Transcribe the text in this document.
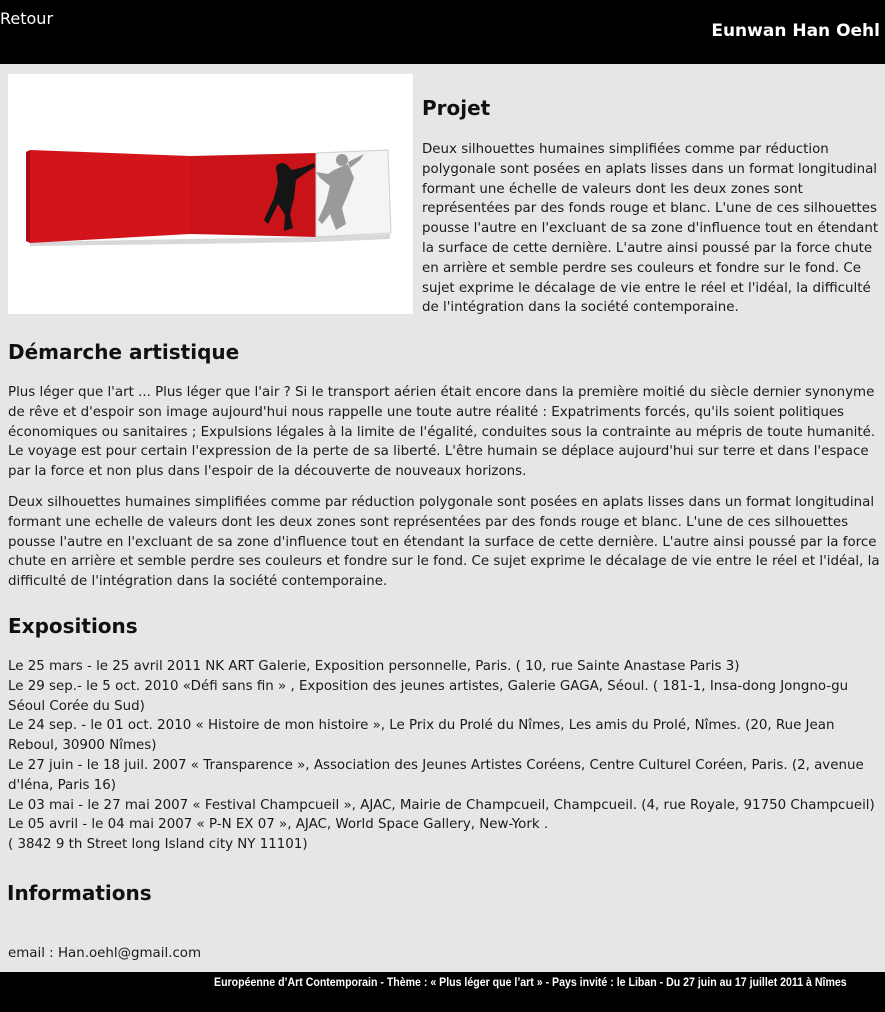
Retour
Eunwan Han Oehl
Projet

Deux silhouettes humaines simplifiées comme par réduction polygonale sont posées en aplats lisses dans un format longitudinal formant une échelle de valeurs dont les deux zones sont représentées par des fonds rouge et blanc. L'une de ces silhouettes pousse l'autre en l'excluant de sa zone d'influence tout en étendant la surface de cette dernière. L'autre ainsi poussé par la force chute en arrière et semble perdre ses couleurs et fondre sur le fond. Ce sujet exprime le décalage de vie entre le réel et l'idéal, la difficulté de l'intégration dans la société contemporaine.

Démarche artistique

Plus léger que l'art ... Plus léger que l'air ? Si le transport aérien était encore dans la première moitié du siècle dernier synonyme de rêve et d'espoir son image aujourd'hui nous rappelle une toute autre réalité : Expatriments forcés, qu'ils soient politiques économiques ou sanitaires ; Expulsions légales à la limite de l'égalité, conduites sous la contrainte au mépris de toute humanité. Le voyage est pour certain l'expression de la perte de sa liberté. L'être humain se déplace aujourd'hui sur terre et dans l'espace par la force et non plus dans l'espoir de la découverte de nouveaux horizons.

Deux silhouettes humaines simplifiées comme par réduction polygonale sont posées en aplats lisses dans un format longitudinal formant une echelle de valeurs dont les deux zones sont représentées par des fonds rouge et blanc. L'une de ces silhouettes pousse l'autre en l'excluant de sa zone d'influence tout en étendant la surface de cette dernière. L'autre ainsi poussé par la force chute en arrière et semble perdre ses couleurs et fondre sur le fond. Ce sujet exprime le décalage de vie entre le réel et l'idéal, la difficulté de l'intégration dans la société contemporaine.

Expositions
Le 25 mars - le 25 avril 2011 NK ART Galerie, Exposition personnelle, Paris. ( 10, rue Sainte Anastase Paris 3)
Le 29 sep.- le 5 oct. 2010 «Défi sans fin » , Exposition des jeunes artistes, Galerie GAGA, Séoul. ( 181-1, Insa-dong Jongno-gu Séoul Corée du Sud)
Le 24 sep. - le 01 oct. 2010 « Histoire de mon histoire », Le Prix du Prolé du Nîmes, Les amis du Prolé, Nîmes. (20, Rue Jean Reboul, 30900 Nîmes)
Le 27 juin - le 18 juil. 2007 « Transparence », Association des Jeunes Artistes Coréens, Centre Culturel Coréen, Paris. (2, avenue d'Iéna, Paris 16)
Le 03 mai - le 27 mai 2007 « Festival Champcueil », AJAC, Mairie de Champcueil, Champcueil. (4, rue Royale, 91750 Champcueil)
Le 05 avril - le 04 mai 2007 « P-N EX 07 », AJAC, World Space Gallery, New-York .
( 3842 9 th Street long Island city NY 11101)
Informations

email : Han.oehl@gmail.com

Européenne d’Art Contemporain - Thème : « Plus léger que l’art » - Pays invité : le Liban - Du 27 juin au 17 juillet 2011 à Nîmes
